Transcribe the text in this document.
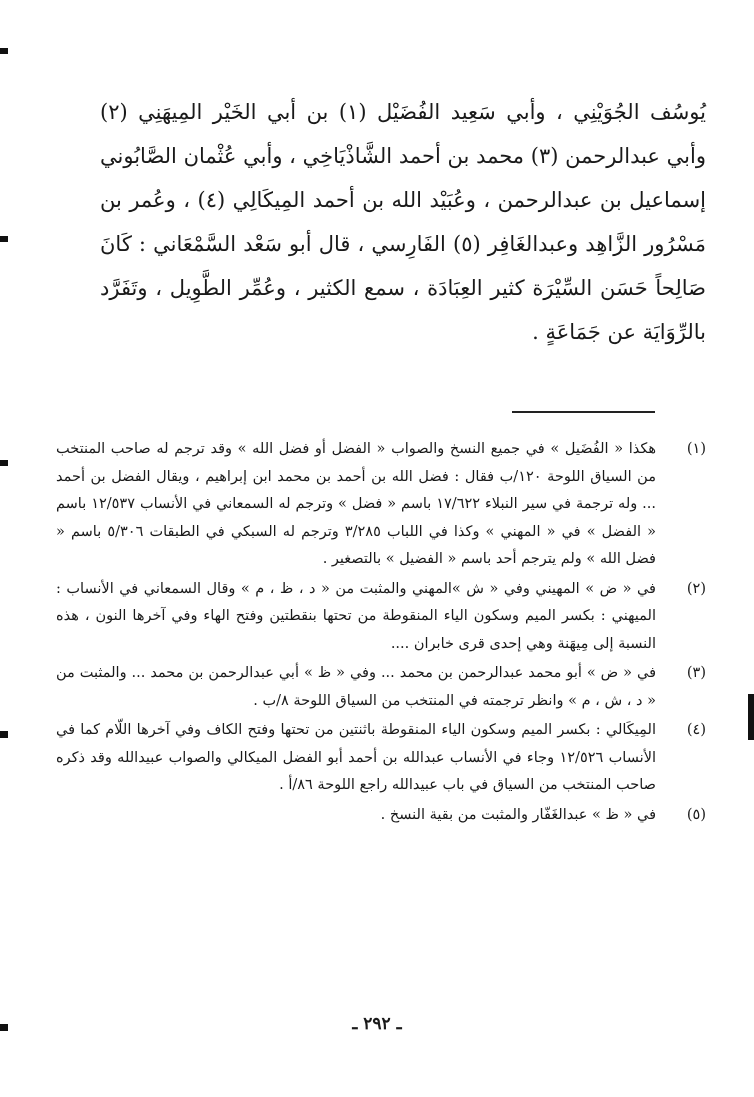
يُوسُف الجُوَيْنِي ، وأبي سَعِيد الفُضَيْل (١) بن أبي الخَيْر المِيهَنِي (٢) وأبي عبدالرحمن (٣) محمد بن أحمد الشَّاذْيَاخِي ، وأبي عُثْمان الصَّابُوني إسماعيل بن عبدالرحمن ، وعُبَيْد الله بن أحمد المِيكَالِي (٤) ، وعُمر بن مَسْرُور الزَّاهِد وعبدالغَافِر (٥) الفَارِسي ، قال أبو سَعْد السَّمْعَاني : كَانَ صَالِحاً حَسَن السِّيْرَة كثير العِبَادَة ، سمع الكثير ، وعُمِّر الطَّوِيل ، وتَفَرَّد بالرِّوَايَة عن جَمَاعَةٍ .

(١)
هكذا « الفُضَيل » في جميع النسخ والصواب « الفضل أو فضل الله » وقد ترجم له صاحب المنتخب من السياق اللوحة ١٢٠/ب فقال : فضل الله بن أحمد بن محمد ابن إبراهيم ، ويقال الفضل بن أحمد ... وله ترجمة في سير النبلاء ١٧/٦٢٢ باسم « فضل » وترجم له السمعاني في الأنساب ١٢/٥٣٧ باسم « الفضل » في « المهني » وكذا في اللباب ٣/٢٨٥ وترجم له السبكي في الطبقات ٥/٣٠٦ باسم « فضل الله » ولم يترجم أحد باسم « الفضيل » بالتصغير .
(٢)
في « ض » المهيني وفي « ش »المهني والمثبت من « د ، ظ ، م » وقال السمعاني في الأنساب : الميهني : بكسر الميم وسكون الياء المنقوطة من تحتها بنقطتين وفتح الهاء وفي آخرها النون ، هذه النسبة إلى مِيهَنة وهي إحدى قرى خابران ....
(٣)
في « ض » أبو محمد عبدالرحمن بن محمد ... وفي « ظ » أبي عبدالرحمن بن محمد ... والمثبت من « د ، ش ، م » وانظر ترجمته في المنتخب من السياق اللوحة ٨/ب .
(٤)
المِيكَالي : بكسر الميم وسكون الياء المنقوطة باثنتين من تحتها وفتح الكاف وفي آخرها اللّام كما في الأنساب ١٢/٥٢٦ وجاء في الأنساب عبدالله بن أحمد أبو الفضل الميكالي والصواب عبيدالله وقد ذكره صاحب المنتخب من السياق في باب عبيدالله راجع اللوحة ٨٦/أ .
(٥)
في « ظ » عبدالغَفّار والمثبت من بقية النسخ .
ـ ٢٩٢ ـ
